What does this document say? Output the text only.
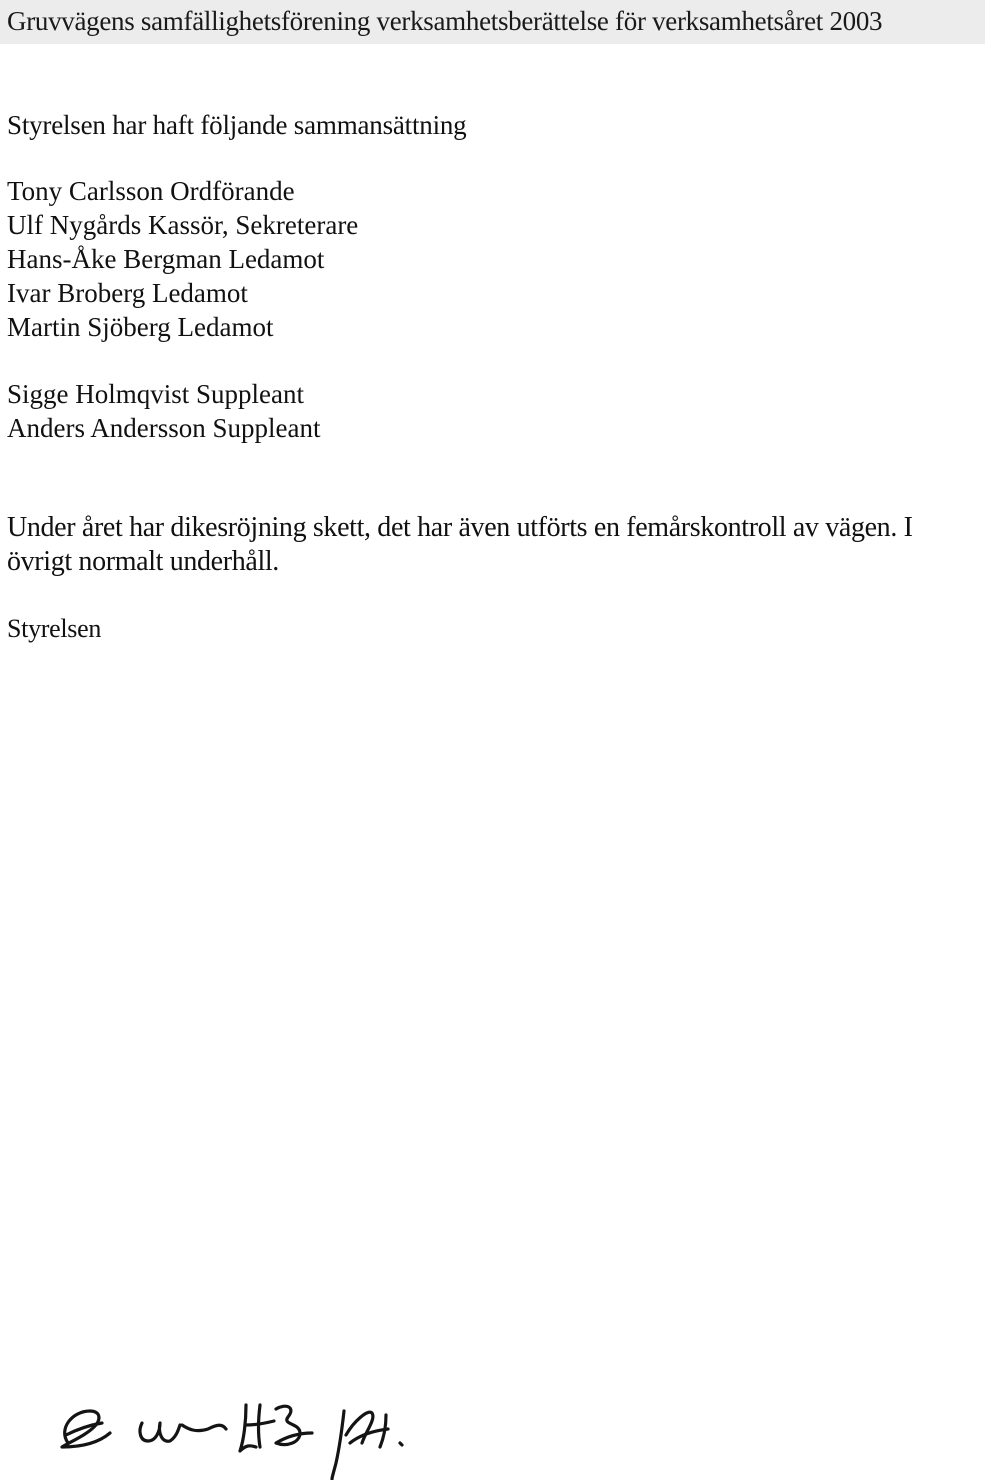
Gruvvägens samfällighetsförening verksamhetsberättelse för verksamhetsåret 2003
Styrelsen har haft följande sammansättning
Tony Carlsson Ordförande
Ulf Nygårds Kassör, Sekreterare
Hans-Åke Bergman Ledamot
Ivar Broberg Ledamot
Martin Sjöberg Ledamot
Sigge Holmqvist Suppleant
Anders Andersson Suppleant
Under året har dikesröjning skett, det har även utförts en femårskontroll av vägen. I
övrigt normalt underhåll.
Styrelsen
